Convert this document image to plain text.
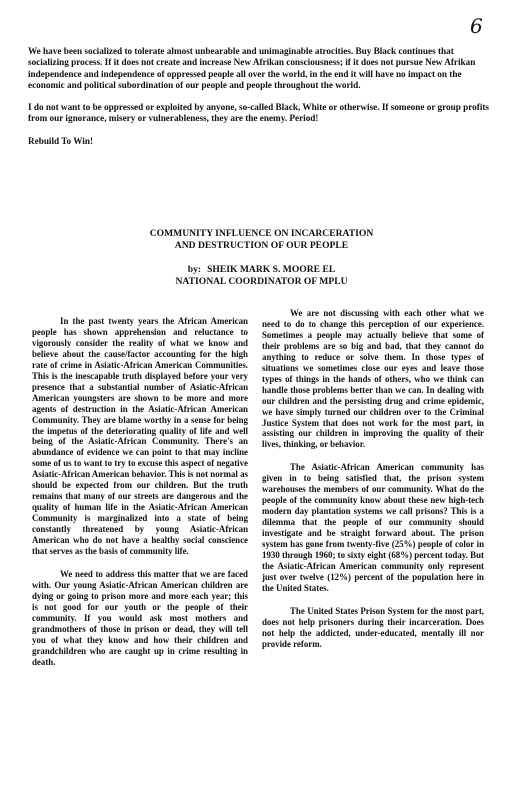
6

We have been socialized to tolerate almost unbearable and unimaginable atrocities. Buy Black continues that socializing process. If it does not create and increase New Afrikan consciousness; if it does not pursue New Afrikan independence and independence of oppressed people all over the world, in the end it will have no impact on the economic and political subordination of our people and people throughout the world.

I do not want to be oppressed or exploited by anyone, so-called Black, White or otherwise. If someone or group profits from our ignorance, misery or vulnerableness, they are the enemy. Period!

Rebuild To Win!

COMMUNITY INFLUENCE ON INCARCERATION
AND DESTRUCTION OF OUR PEOPLE
by: SHEIK MARK S. MOORE EL
NATIONAL COORDINATOR OF MPLU

In the past twenty years the African American people has shown apprehension and reluctance to vigorously consider the reality of what we know and believe about the cause/factor accounting for the high rate of crime in Asiatic-African American Communities. This is the inescapable truth displayed before your very presence that a substantial number of Asiatic-African American youngsters are shown to be more and more agents of destruction in the Asiatic-African American Community. They are blame worthy in a sense for being the impetus of the deteriorating quality of life and well being of the Asiatic-African Community. There's an abundance of evidence we can point to that may incline some of us to want to try to excuse this aspect of negative Asiatic-African American behavior. This is not normal as should be expected from our children. But the truth remains that many of our streets are dangerous and the quality of human life in the Asiatic-African American Community is marginalized into a state of being constantly threatened by young Asiatic-African American who do not have a healthy social conscience that serves as the basis of community life.

We need to address this matter that we are faced with. Our young Asiatic-African American children are dying or going to prison more and more each year; this is not good for our youth or the people of their community. If you would ask most mothers and grandmothers of those in prison or dead, they will tell you of what they know and how their children and grandchildren who are caught up in crime resulting in death.

We are not discussing with each other what we need to do to change this perception of our experience. Sometimes a people may actually believe that some of their problems are so big and bad, that they cannot do anything to reduce or solve them. In those types of situations we sometimes close our eyes and leave those types of things in the hands of others, who we think can handle those problems better than we can. In dealing with our children and the persisting drug and crime epidemic, we have simply turned our children over to the Criminal Justice System that does not work for the most part, in assisting our children in improving the quality of their lives, thinking, or behavior.

The Asiatic-African American community has given in to being satisfied that, the prison system warehouses the members of our community. What do the people of the community know about these new high-tech modern day plantation systems we call prisons? This is a dilemma that the people of our community should investigate and be straight forward about. The prison system has gone from twenty-five (25%) people of color in 1930 through 1960; to sixty eight (68%) percent today. But the Asiatic-African American community only represent just over twelve (12%) percent of the population here in the United States.

The United States Prison System for the most part, does not help prisoners during their incarceration. Does not help the addicted, under-educated, mentally ill nor provide reform.
